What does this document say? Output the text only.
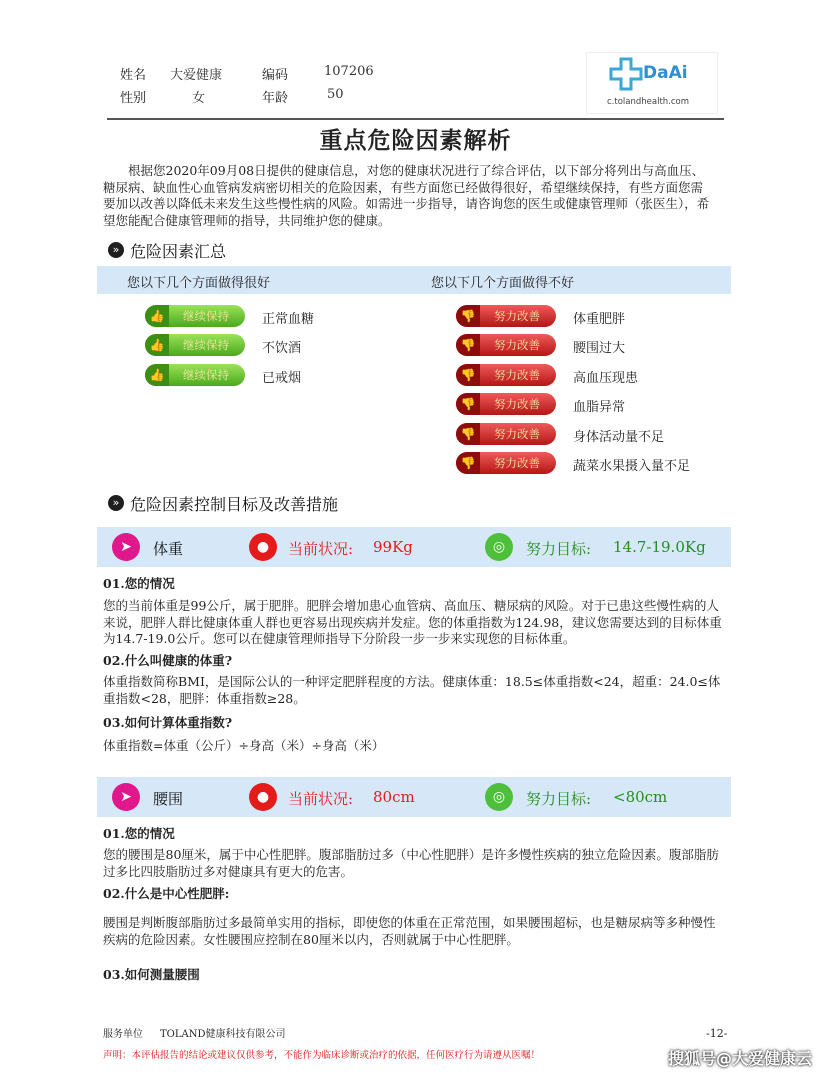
姓名 大爱健康	编码	107206
性别	女	年龄	50
DaAi
c.tolandhealth.com
重点危险因素解析
根据您2020年09月08日提供的健康信息，对您的健康状况进行了综合评估，以下部分将列出与高血压、糖尿病、缺血性心血管病发病密切相关的危险因素，有些方面您已经做得很好，希望继续保持，有些方面您需要加以改善以降低未来发生这些慢性病的风险。如需进一步指导，请咨询您的医生或健康管理师（张医生），希望您能配合健康管理师的指导，共同维护您的健康。
» 危险因素汇总
您以下几个方面做得很好	您以下几个方面做得不好
👍	继续保持	正常血糖
👍	继续保持	不饮酒
👍	继续保持	已戒烟
👎	努力改善	体重肥胖
👎	努力改善	腰围过大
👎	努力改善	高血压现患
👎	努力改善	血脂异常
👎	努力改善	身体活动量不足
👎	努力改善	蔬菜水果摄入量不足
» 危险因素控制目标及改善措施
➤	体重	●	当前状况: 99Kg	◎	努力目标: 14.7-19.0Kg
01.您的情况
您的当前体重是99公斤，属于肥胖。肥胖会增加患心血管病、高血压、糖尿病的风险。对于已患这些慢性病的人来说，肥胖人群比健康体重人群也更容易出现疾病并发症。您的体重指数为124.98，建议您需要达到的目标体重为14.7-19.0公斤。您可以在健康管理师指导下分阶段一步一步来实现您的目标体重。
02.什么叫健康的体重?
体重指数简称BMI，是国际公认的一种评定肥胖程度的方法。健康体重：18.5≤体重指数<24，超重：24.0≤体重指数<28，肥胖：体重指数≥28。
03.如何计算体重指数?
体重指数=体重（公斤）÷身高（米）÷身高（米）
➤	腰围	●	当前状况: 80cm	◎	努力目标: <80cm
01.您的情况
您的腰围是80厘米，属于中心性肥胖。腹部脂肪过多（中心性肥胖）是许多慢性疾病的独立危险因素。腹部脂肪过多比四肢脂肪过多对健康具有更大的危害。
02.什么是中心性肥胖:
腰围是判断腹部脂肪过多最简单实用的指标，即使您的体重在正常范围，如果腰围超标，也是糖尿病等多种慢性疾病的危险因素。女性腰围应控制在80厘米以内，否则就属于中心性肥胖。
03.如何测量腰围
服务单位 TOLAND健康科技有限公司	-12-
声明：本评估报告的结论或建议仅供参考，不能作为临床诊断或治疗的依据，任何医疗行为请遵从医嘱！	搜狐号@大爱健康云
